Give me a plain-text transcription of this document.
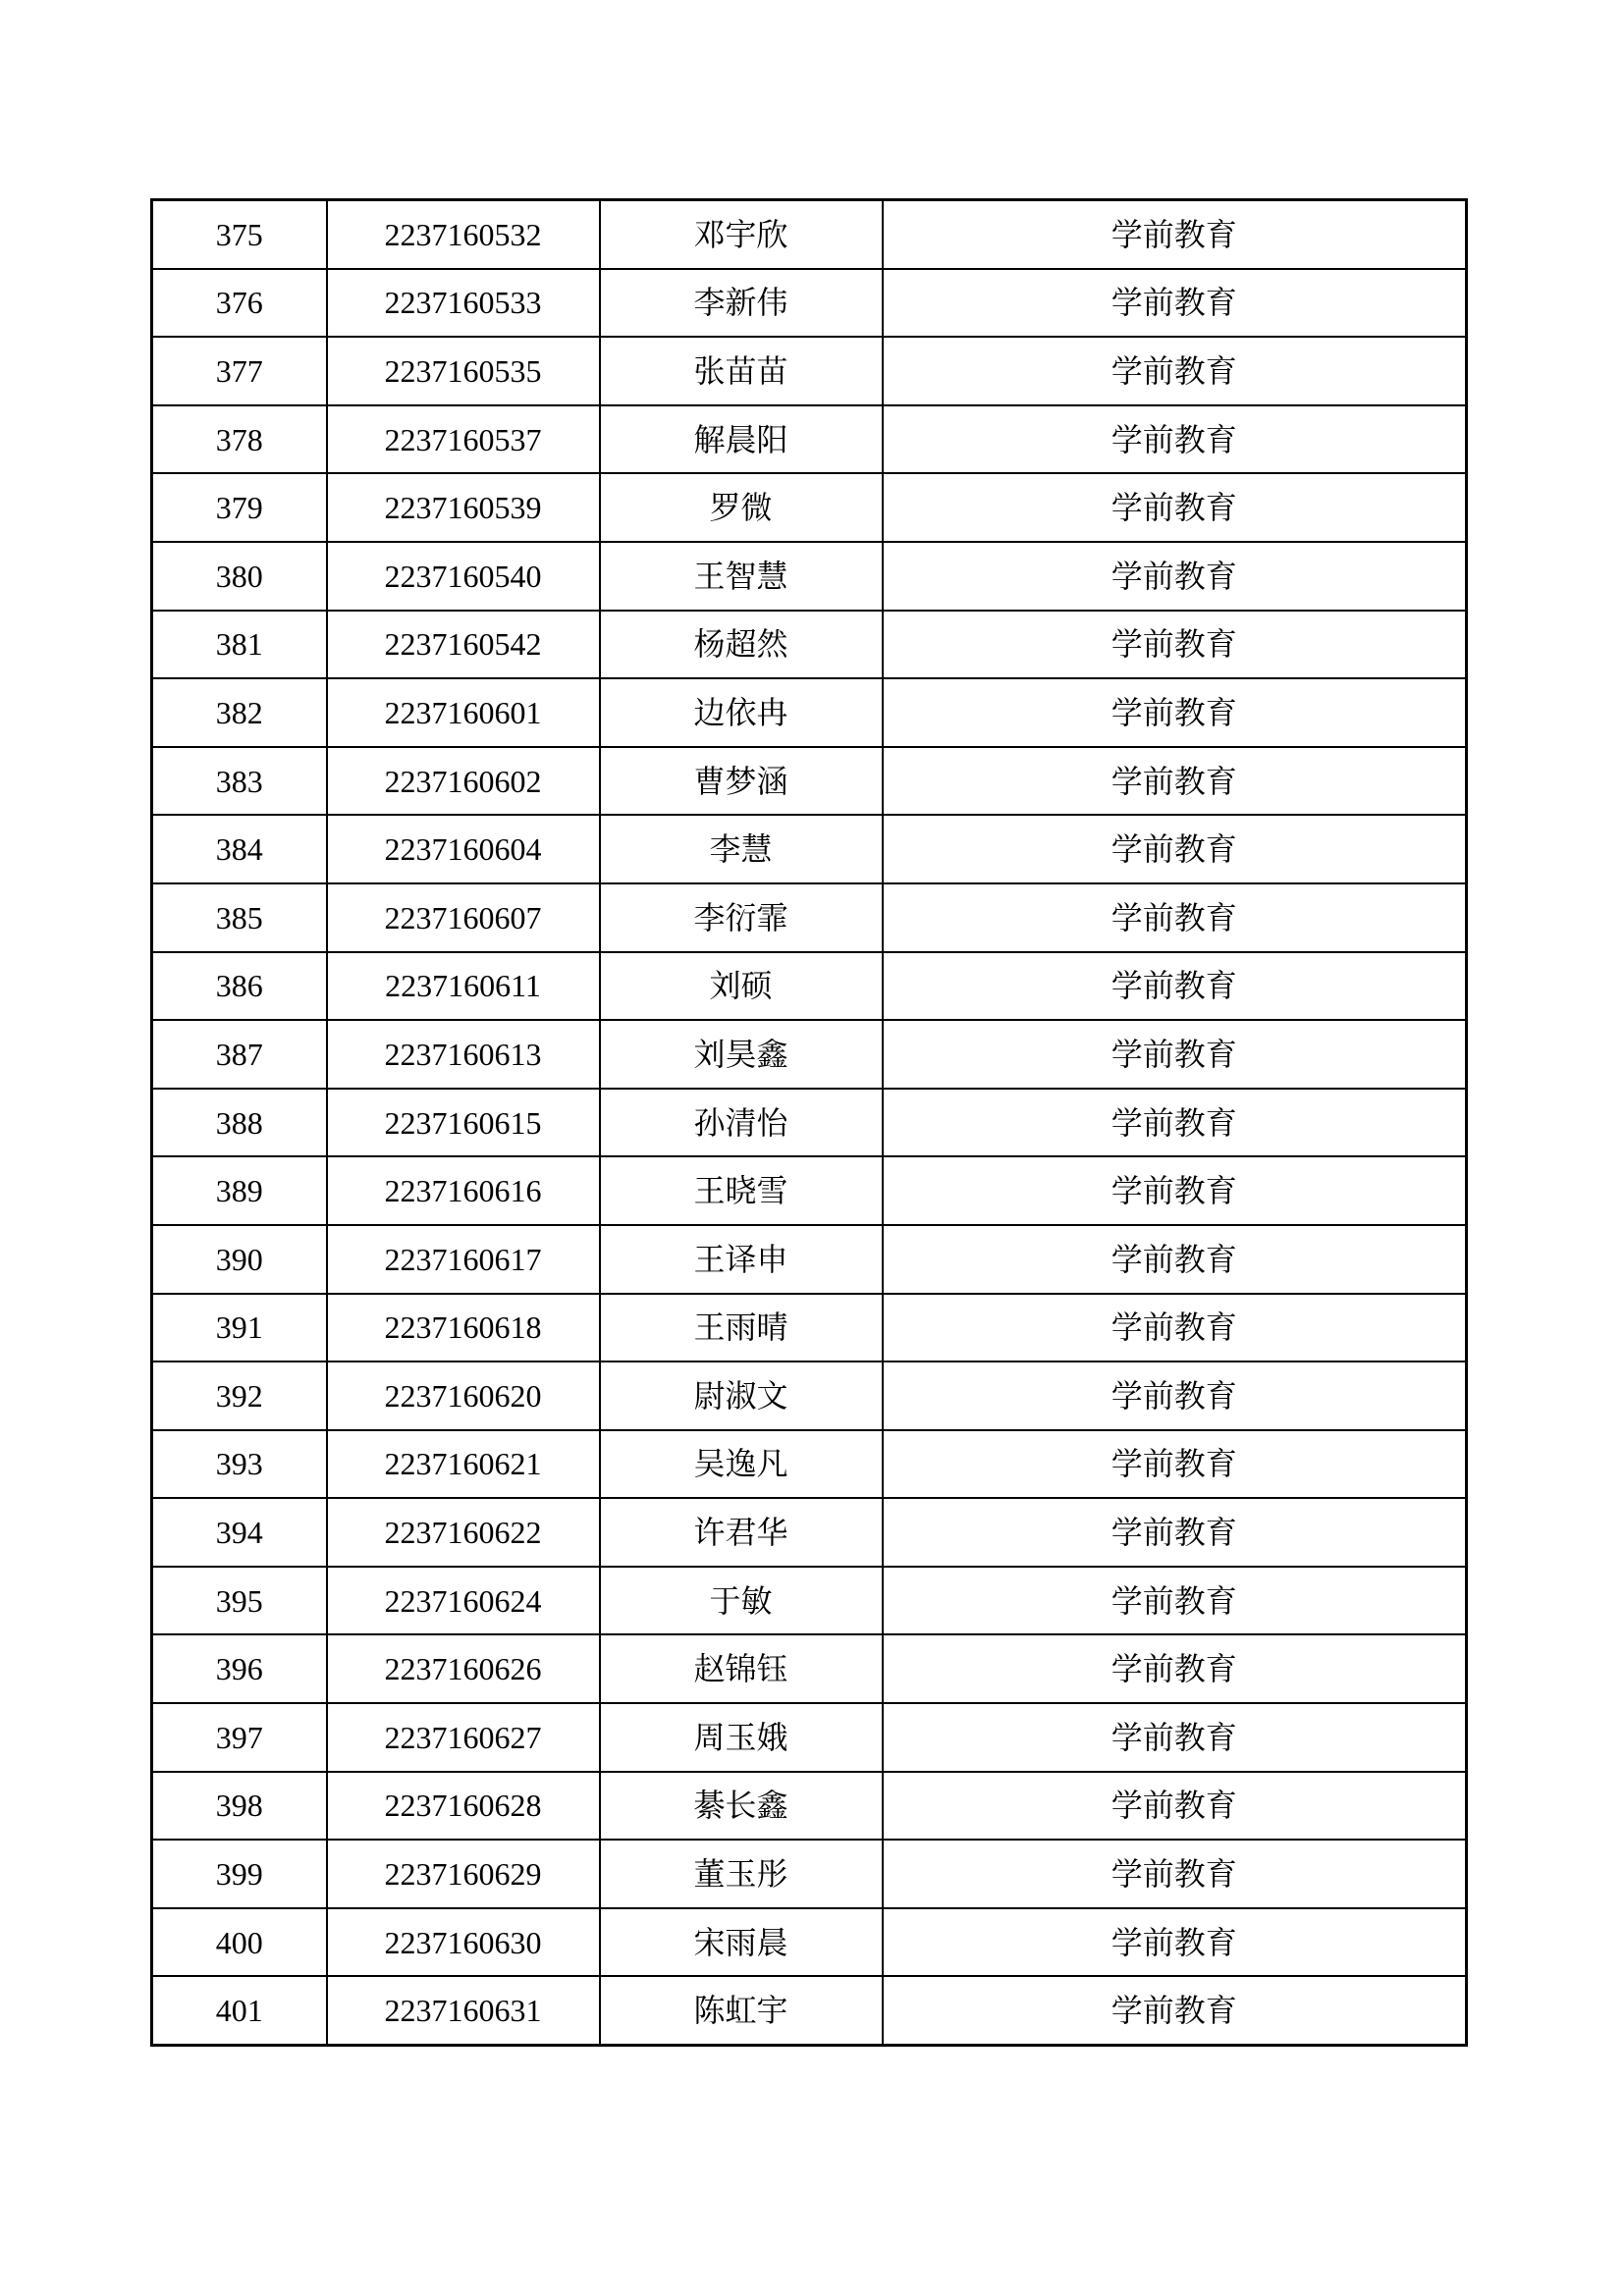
375	2237160532	邓宇欣	学前教育
376	2237160533	李新伟	学前教育
377	2237160535	张苗苗	学前教育
378	2237160537	解晨阳	学前教育
379	2237160539	罗微	学前教育
380	2237160540	王智慧	学前教育
381	2237160542	杨超然	学前教育
382	2237160601	边依冉	学前教育
383	2237160602	曹梦涵	学前教育
384	2237160604	李慧	学前教育
385	2237160607	李衍霏	学前教育
386	2237160611	刘硕	学前教育
387	2237160613	刘昊鑫	学前教育
388	2237160615	孙清怡	学前教育
389	2237160616	王晓雪	学前教育
390	2237160617	王译申	学前教育
391	2237160618	王雨晴	学前教育
392	2237160620	尉淑文	学前教育
393	2237160621	吴逸凡	学前教育
394	2237160622	许君华	学前教育
395	2237160624	于敏	学前教育
396	2237160626	赵锦钰	学前教育
397	2237160627	周玉娥	学前教育
398	2237160628	綦长鑫	学前教育
399	2237160629	董玉彤	学前教育
400	2237160630	宋雨晨	学前教育
401	2237160631	陈虹宇	学前教育
